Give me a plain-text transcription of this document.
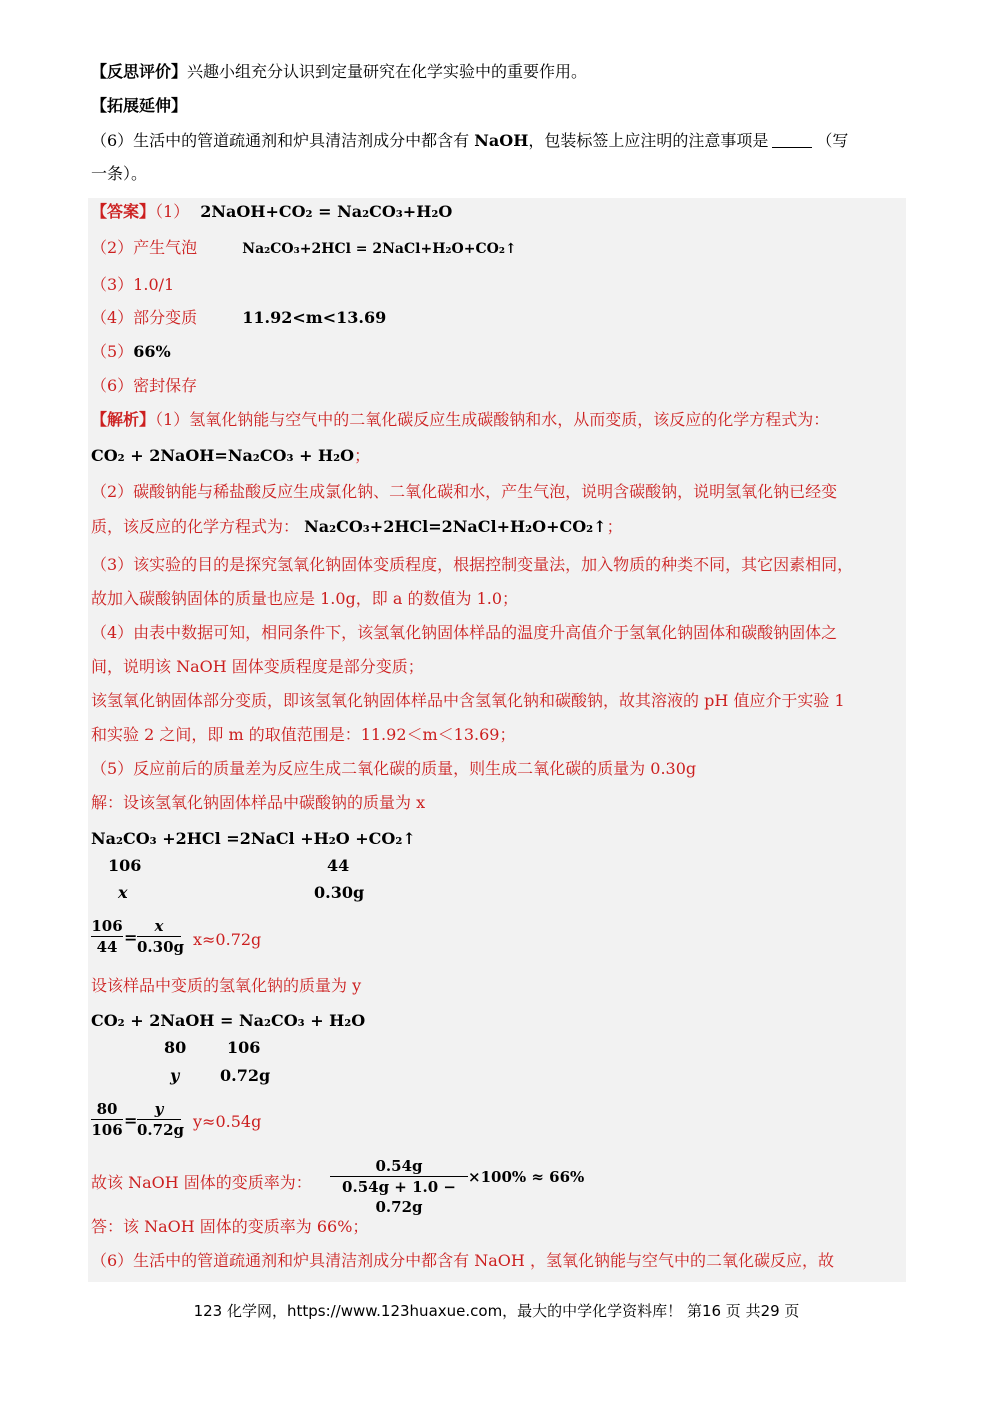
【反思评价】兴趣小组充分认识到定量研究在化学实验中的重要作用。
【拓展延伸】
（6）生活中的管道疏通剂和炉具清洁剂成分中都含有 NaOH，包装标签上应注明的注意事项是	（写
一条）。
【答案】（1） 2NaOH+CO₂ = Na₂CO₃+H₂O
（2）产生气泡	Na₂CO₃+2HCl = 2NaCl+H₂O+CO₂↑
（3）1.0/1
（4）部分变质	11.92<m<13.69
（5）66%
（6）密封保存
【解析】（1）氢氧化钠能与空气中的二氧化碳反应生成碳酸钠和水，从而变质，该反应的化学方程式为：
CO₂ + 2NaOH=Na₂CO₃ + H₂O；
（2）碳酸钠能与稀盐酸反应生成氯化钠、二氧化碳和水，产生气泡，说明含碳酸钠，说明氢氧化钠已经变
质，该反应的化学方程式为： Na₂CO₃+2HCl=2NaCl+H₂O+CO₂↑；
（3）该实验的目的是探究氢氧化钠固体变质程度，根据控制变量法，加入物质的种类不同，其它因素相同，
故加入碳酸钠固体的质量也应是 1.0g，即 a 的数值为 1.0；
（4）由表中数据可知，相同条件下，该氢氧化钠固体样品的温度升高值介于氢氧化钠固体和碳酸钠固体之
间，说明该 NaOH 固体变质程度是部分变质；
该氢氧化钠固体部分变质，即该氢氧化钠固体样品中含氢氧化钠和碳酸钠，故其溶液的 pH 值应介于实验 1
和实验 2 之间，即 m 的取值范围是：11.92＜m＜13.69；
（5）反应前后的质量差为反应生成二氧化碳的质量，则生成二氧化碳的质量为 0.30g
解：设该氢氧化钠固体样品中碳酸钠的质量为 x
Na₂CO₃ +2HCl =2NaCl +H₂O +CO₂↑
106	44
x	0.30g
106
44 =
x
0.30g x≈0.72g
设该样品中变质的氢氧化钠的质量为 y
CO₂ + 2NaOH = Na₂CO₃ + H₂O
80	106
y	0.72g
80
106 =
y
0.72g y≈0.54g
故该 NaOH 固体的变质率为：
0.54g
0.54g + 1.0 − 0.72g
×100% ≈ 66%
答：该 NaOH 固体的变质率为 66%；
（6）生活中的管道疏通剂和炉具清洁剂成分中都含有 NaOH ，氢氧化钠能与空气中的二氧化碳反应，故
123 化学网，https://www.123huaxue.com，最大的中学化学资料库！ 第16 页 共29 页
